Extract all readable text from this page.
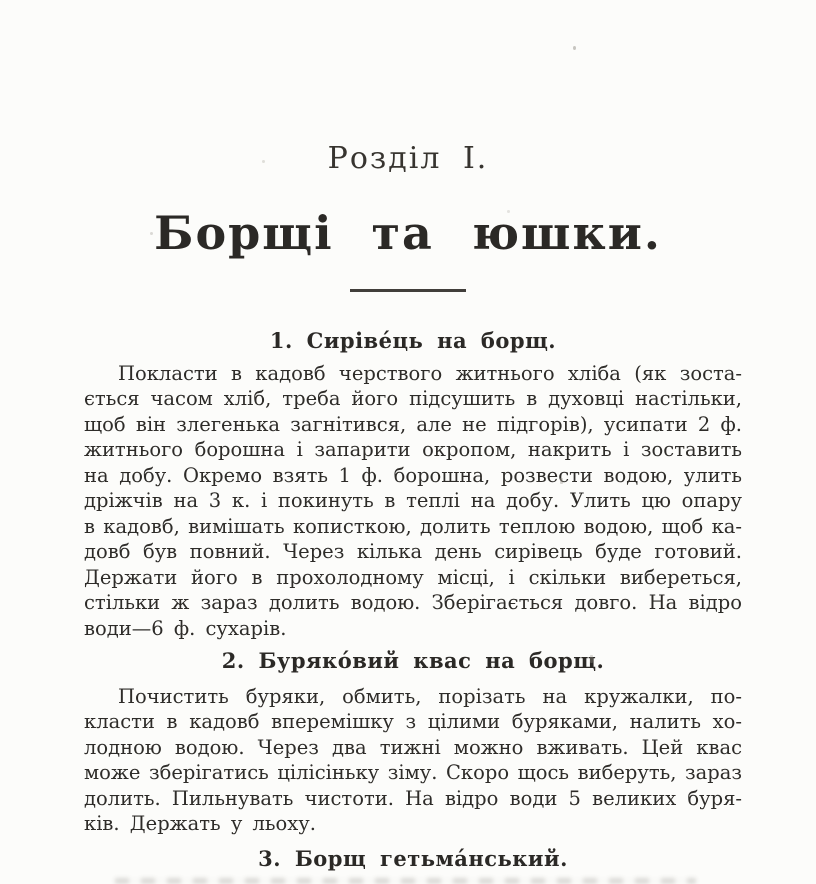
Розділ I.
Борщі та юшки.
1. Сиріве́ць на борщ.
Покласти в кадовб черствого житнього хліба (як зоста-
ється часом хліб, треба його підсушить в духовці настільки,
щоб він злегенька загнітився, але не підгорів), усипати 2 ф.
житнього борошна і запарити окропом, накрить і зоставить
на добу. Окремо взять 1 ф. борошна, розвести водою, улить
дріжчів на 3 к. і покинуть в теплі на добу. Улить цю опару
в кадовб, вимішать кописткою, долить теплою водою, щоб ка-
довб був повний. Через кілька день сирівець буде готовий.
Держати його в прохолодному місці, і скільки вибереться,
стільки ж зараз долить водою. Зберігається довго. На відро
води—6 ф. сухарів.
2. Буряко́вий квас на борщ.
Почистить буряки, обмить, порізать на кружалки, по-
класти в кадовб вперемішку з цілими буряками, налить хо-
лодною водою. Через два тижні можно вживать. Цей квас
може зберігатись цілісіньку зіму. Скоро щось виберуть, зараз
долить. Пильнувать чистоти. На відро води 5 великих буря-
ків. Держать у льоху.
3. Борщ гетьма́нський.
